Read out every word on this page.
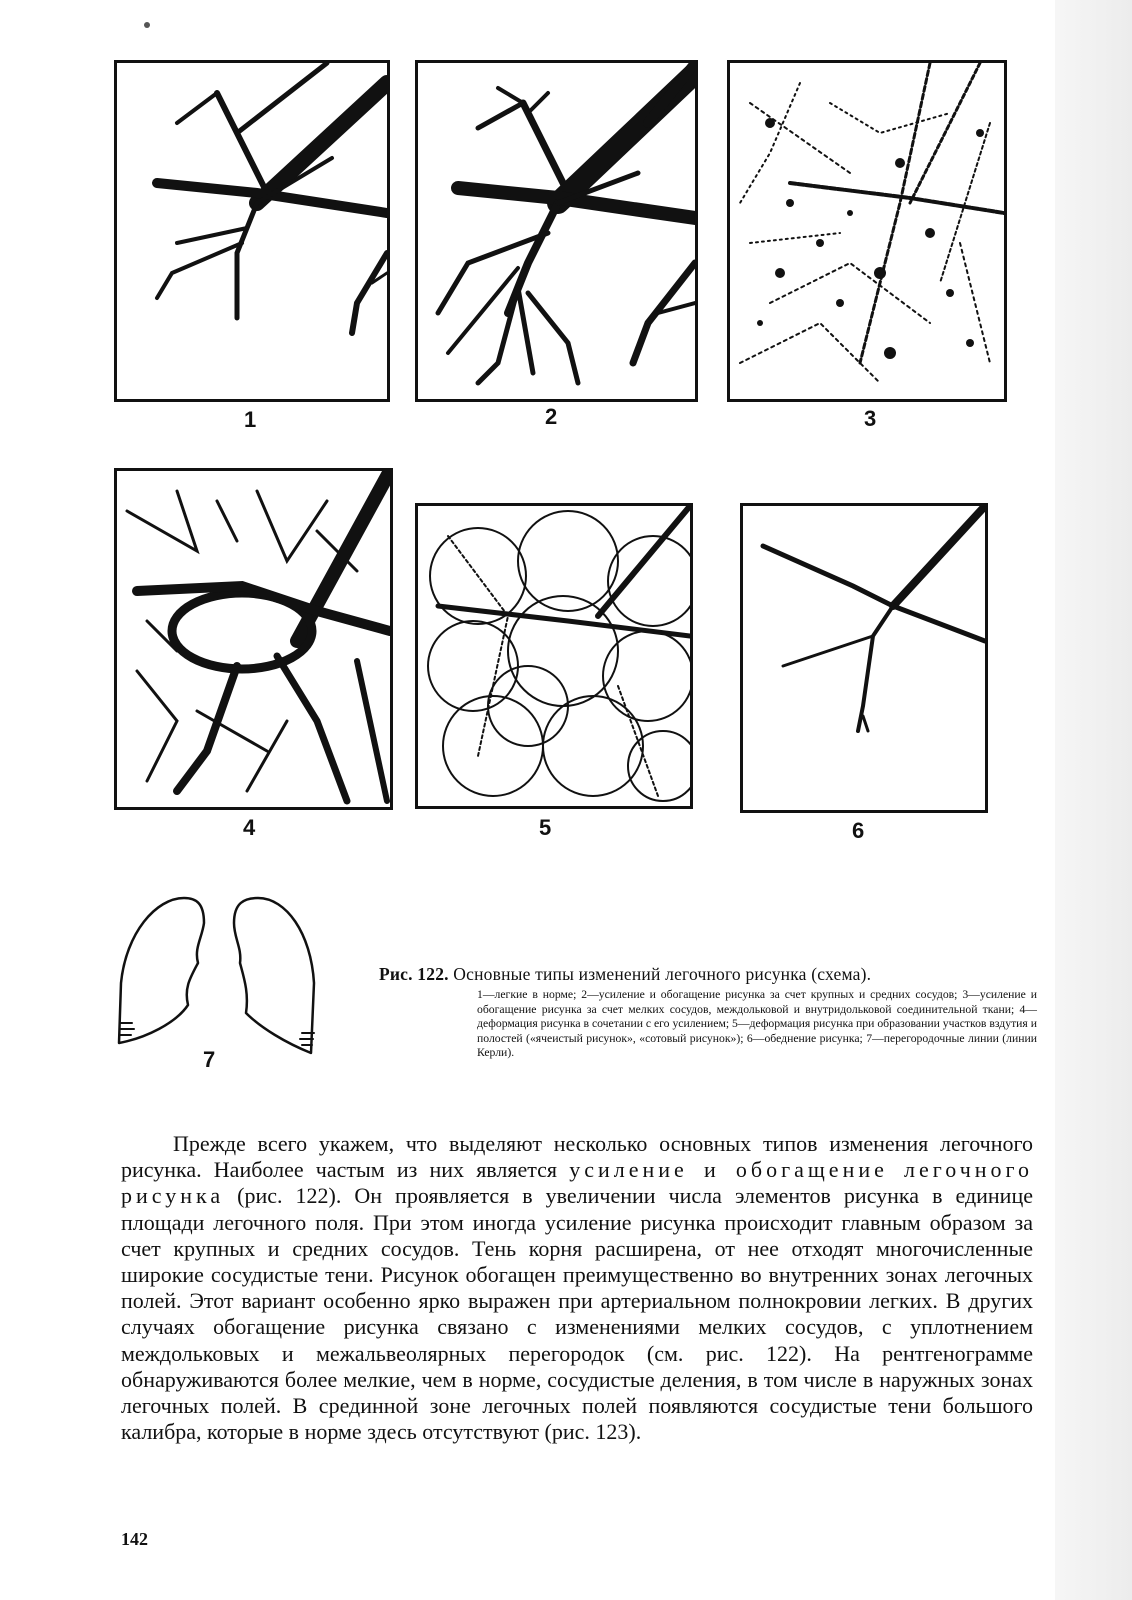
1	2	3
4	5	6
7

Рис. 122. Основные типы изменений легочного рисунка (схема).

1—легкие в норме; 2—усиление и обогащение рисунка за счет крупных и средних сосудов; 3—усиление и обогащение рисунка за счет мелких сосудов, междольковой и внутридольковой соединительной ткани; 4—деформация рисунка в сочетании с его усилением; 5—деформация рисунка при образовании участков вздутия и полостей («ячеистый рисунок», «сотовый рисунок»); 6—обеднение рисунка; 7—перегородочные линии (линии Керли).

Прежде всего укажем, что выделяют несколько основных типов изменения легочного рисунка. Наиболее частым из них является усиление и обогащение легочного рисунка (рис. 122). Он проявляется в увеличении числа элементов рисунка в единице площади легочного поля. При этом иногда усиление рисунка происходит главным образом за счет крупных и средних сосудов. Тень корня расширена, от нее отходят многочисленные широкие сосудистые тени. Рисунок обогащен преимущественно во внутренних зонах легочных полей. Этот вариант особенно ярко выражен при артериальном полнокровии легких. В других случаях обогащение рисунка связано с изменениями мелких сосудов, с уплотнением междольковых и межальвеолярных перегородок (см. рис. 122). На рентгенограмме обнаруживаются более мелкие, чем в норме, сосудистые деления, в том числе в наружных зонах легочных полей. В срединной зоне легочных полей появляются сосудистые тени большого калибра, которые в норме здесь отсутствуют (рис. 123).

142
